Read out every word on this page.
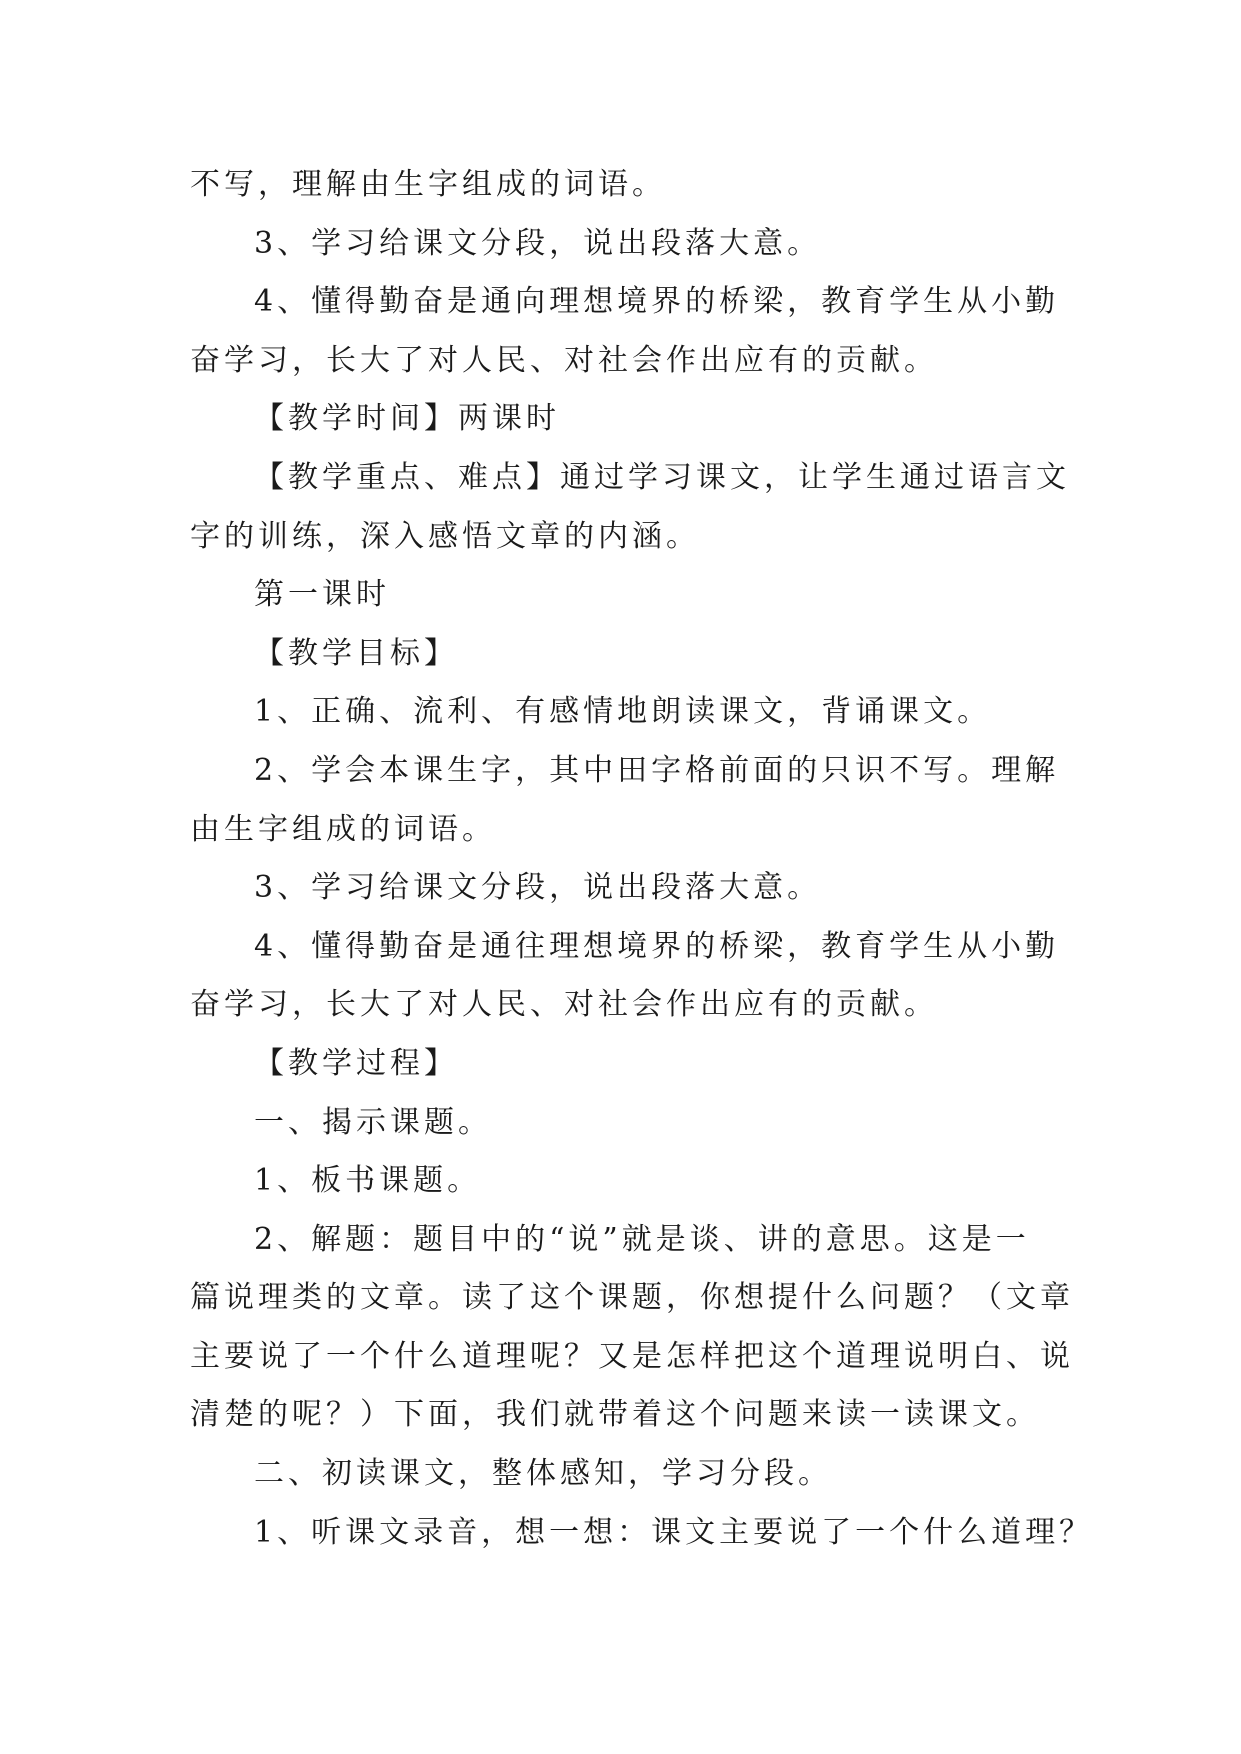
不写，理解由生字组成的词语。
3、学习给课文分段，说出段落大意。
4、懂得勤奋是通向理想境界的桥梁，教育学生从小勤
奋学习，长大了对人民、对社会作出应有的贡献。
【教学时间】两课时
【教学重点、难点】通过学习课文，让学生通过语言文
字的训练，深入感悟文章的内涵。
第一课时
【教学目标】
1、正确、流利、有感情地朗读课文，背诵课文。
2、学会本课生字，其中田字格前面的只识不写。理解
由生字组成的词语。
3、学习给课文分段，说出段落大意。
4、懂得勤奋是通往理想境界的桥梁，教育学生从小勤
奋学习，长大了对人民、对社会作出应有的贡献。
【教学过程】
一、揭示课题。
1、板书课题。
2、解题：题目中的“说”就是谈、讲的意思。这是一
篇说理类的文章。读了这个课题，你想提什么问题？（文章
主要说了一个什么道理呢？又是怎样把这个道理说明白、说
清楚的呢？）下面，我们就带着这个问题来读一读课文。
二、初读课文，整体感知，学习分段。
1、听课文录音，想一想：课文主要说了一个什么道理？
